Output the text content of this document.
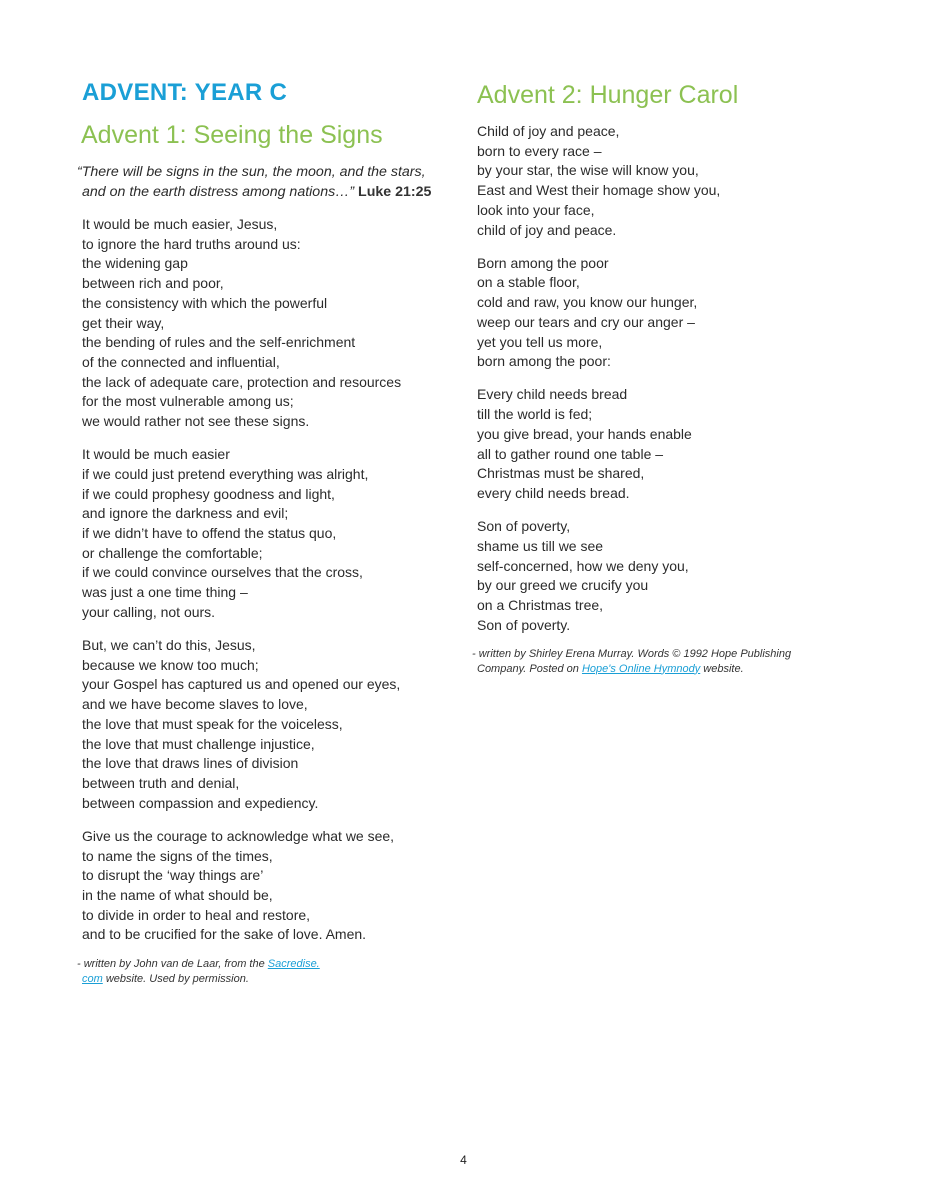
ADVENT: YEAR C
Advent 1: Seeing the Signs

“There will be signs in the sun, the moon, and the stars,
and on the earth distress among nations…” Luke 21:25

It would be much easier, Jesus,
to ignore the hard truths around us:
the widening gap
between rich and poor,
the consistency with which the powerful
get their way,
the bending of rules and the self-enrichment
of the connected and influential,
the lack of adequate care, protection and resources
for the most vulnerable among us;
we would rather not see these signs.

It would be much easier
if we could just pretend everything was alright,
if we could prophesy goodness and light,
and ignore the darkness and evil;
if we didn’t have to offend the status quo,
or challenge the comfortable;
if we could convince ourselves that the cross,
was just a one time thing –
your calling, not ours.

But, we can’t do this, Jesus,
because we know too much;
your Gospel has captured us and opened our eyes,
and we have become slaves to love,
the love that must speak for the voiceless,
the love that must challenge injustice,
the love that draws lines of division
between truth and denial,
between compassion and expediency.

Give us the courage to acknowledge what we see,
to name the signs of the times,
to disrupt the ‘way things are’
in the name of what should be,
to divide in order to heal and restore,
and to be crucified for the sake of love. Amen.

- written by John van de Laar, from the Sacredise.
com website. Used by permission.

Advent 2: Hunger Carol

Child of joy and peace,
born to every race –
by your star, the wise will know you,
East and West their homage show you,
look into your face,
child of joy and peace.

Born among the poor
on a stable floor,
cold and raw, you know our hunger,
weep our tears and cry our anger –
yet you tell us more,
born among the poor:

Every child needs bread
till the world is fed;
you give bread, your hands enable
all to gather round one table –
Christmas must be shared,
every child needs bread.

Son of poverty,
shame us till we see
self-concerned, how we deny you,
by our greed we crucify you
on a Christmas tree,
Son of poverty.

- written by Shirley Erena Murray. Words © 1992 Hope Publishing
Company. Posted on Hope's Online Hymnody website.

4
